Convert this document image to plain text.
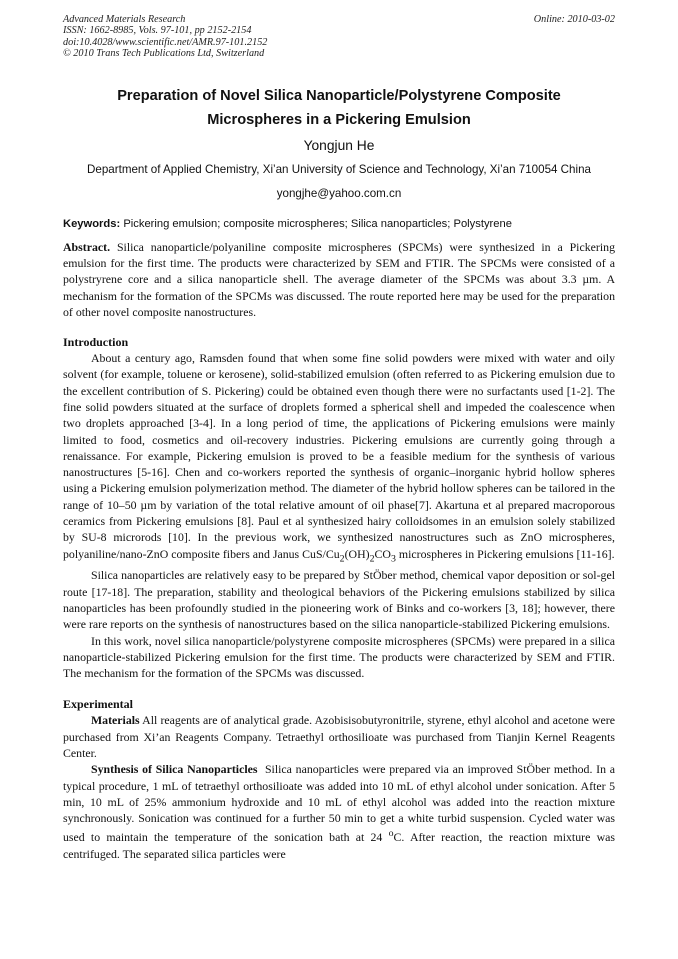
Advanced Materials Research
ISSN: 1662-8985, Vols. 97-101, pp 2152-2154
doi:10.4028/www.scientific.net/AMR.97-101.2152
© 2010 Trans Tech Publications Ltd, Switzerland
Online: 2010-03-02
Preparation of Novel Silica Nanoparticle/Polystyrene Composite
Microspheres in a Pickering Emulsion
Yongjun He
Department of Applied Chemistry, Xi’an University of Science and Technology, Xi’an 710054 China
yongjhe@yahoo.com.cn
Keywords: Pickering emulsion; composite microspheres; Silica nanoparticles; Polystyrene

Abstract. Silica nanoparticle/polyaniline composite microspheres (SPCMs) were synthesized in a Pickering emulsion for the first time. The products were characterized by SEM and FTIR. The SPCMs were consisted of a polystryrene core and a silica nanoparticle shell. The average diameter of the SPCMs was about 3.3 µm. A mechanism for the formation of the SPCMs was discussed. The route reported here may be used for the preparation of other novel composite nanostructures.

Introduction

About a century ago, Ramsden found that when some fine solid powders were mixed with water and oily solvent (for example, toluene or kerosene), solid-stabilized emulsion (often referred to as Pickering emulsion due to the excellent contribution of S. Pickering) could be obtained even though there were no surfactants used [1-2]. The fine solid powders situated at the surface of droplets formed a spherical shell and impeded the coalescence when two droplets approached [3-4]. In a long period of time, the applications of Pickering emulsions were mainly limited to food, cosmetics and oil-recovery industries. Pickering emulsions are currently going through a renaissance. For example, Pickering emulsion is proved to be a feasible medium for the synthesis of various nanostructures [5-16]. Chen and co-workers reported the synthesis of organic–inorganic hybrid hollow spheres using a Pickering emulsion polymerization method. The diameter of the hybrid hollow spheres can be tailored in the range of 10–50 µm by variation of the total relative amount of oil phase[7]. Akartuna et al prepared macroporous ceramics from Pickering emulsions [8]. Paul et al synthesized hairy colloidsomes in an emulsion solely stabilized by SU-8 microrods [10]. In the previous work, we synthesized nanostructures such as ZnO microspheres, polyaniline/nano-ZnO composite fibers and Janus CuS/$Cu_2(OH)_2CO_3$ microspheres in Pickering emulsions [11-16].

Silica nanoparticles are relatively easy to be prepared by StÖber method, chemical vapor deposition or sol-gel route [17-18]. The preparation, stability and theological behaviors of the Pickering emulsions stabilized by silica nanoparticles has been profoundly studied in the pioneering work of Binks and co-workers [3, 18]; however, there were rare reports on the synthesis of nanostructures based on the silica nanoparticle-stabilized Pickering emulsions.

In this work, novel silica nanoparticle/polystyrene composite microspheres (SPCMs) were prepared in a silica nanoparticle-stabilized Pickering emulsion for the first time. The products were characterized by SEM and FTIR. The mechanism for the formation of the SPCMs was discussed.

Experimental

Materials All reagents are of analytical grade. Azobisisobutyronitrile, styrene, ethyl alcohol and acetone were purchased from Xi’an Reagents Company. Tetraethyl orthosilioate was purchased from Tianjin Kernel Reagents Center.

Synthesis of Silica Nanoparticles Silica nanoparticles were prepared via an improved StÖber method. In a typical procedure, 1 mL of tetraethyl orthosilioate was added into 10 mL of ethyl alcohol under sonication. After 5 min, 10 mL of 25% ammonium hydroxide and 10 mL of ethyl alcohol was added into the reaction mixture synchronously. Sonication was continued for a further 50 min to get a white turbid suspension. Cycled water was used to maintain the temperature of the sonication bath at 24 $^o$C. After reaction, the reaction mixture was centrifuged. The separated silica particles were
